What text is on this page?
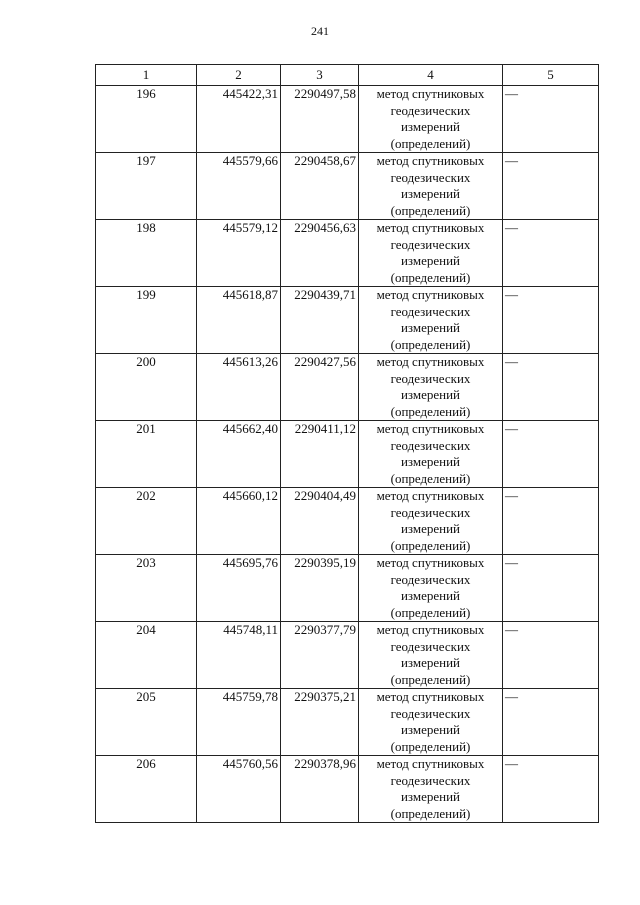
241
1	2	3	4	5
196	445422,31	2290497,58	метод спутниковых геодезических измерений (определений)	—
197	445579,66	2290458,67	метод спутниковых геодезических измерений (определений)	—
198	445579,12	2290456,63	метод спутниковых геодезических измерений (определений)	—
199	445618,87	2290439,71	метод спутниковых геодезических измерений (определений)	—
200	445613,26	2290427,56	метод спутниковых геодезических измерений (определений)	—
201	445662,40	2290411,12	метод спутниковых геодезических измерений (определений)	—
202	445660,12	2290404,49	метод спутниковых геодезических измерений (определений)	—
203	445695,76	2290395,19	метод спутниковых геодезических измерений (определений)	—
204	445748,11	2290377,79	метод спутниковых геодезических измерений (определений)	—
205	445759,78	2290375,21	метод спутниковых геодезических измерений (определений)	—
206	445760,56	2290378,96	метод спутниковых геодезических измерений (определений)	—
